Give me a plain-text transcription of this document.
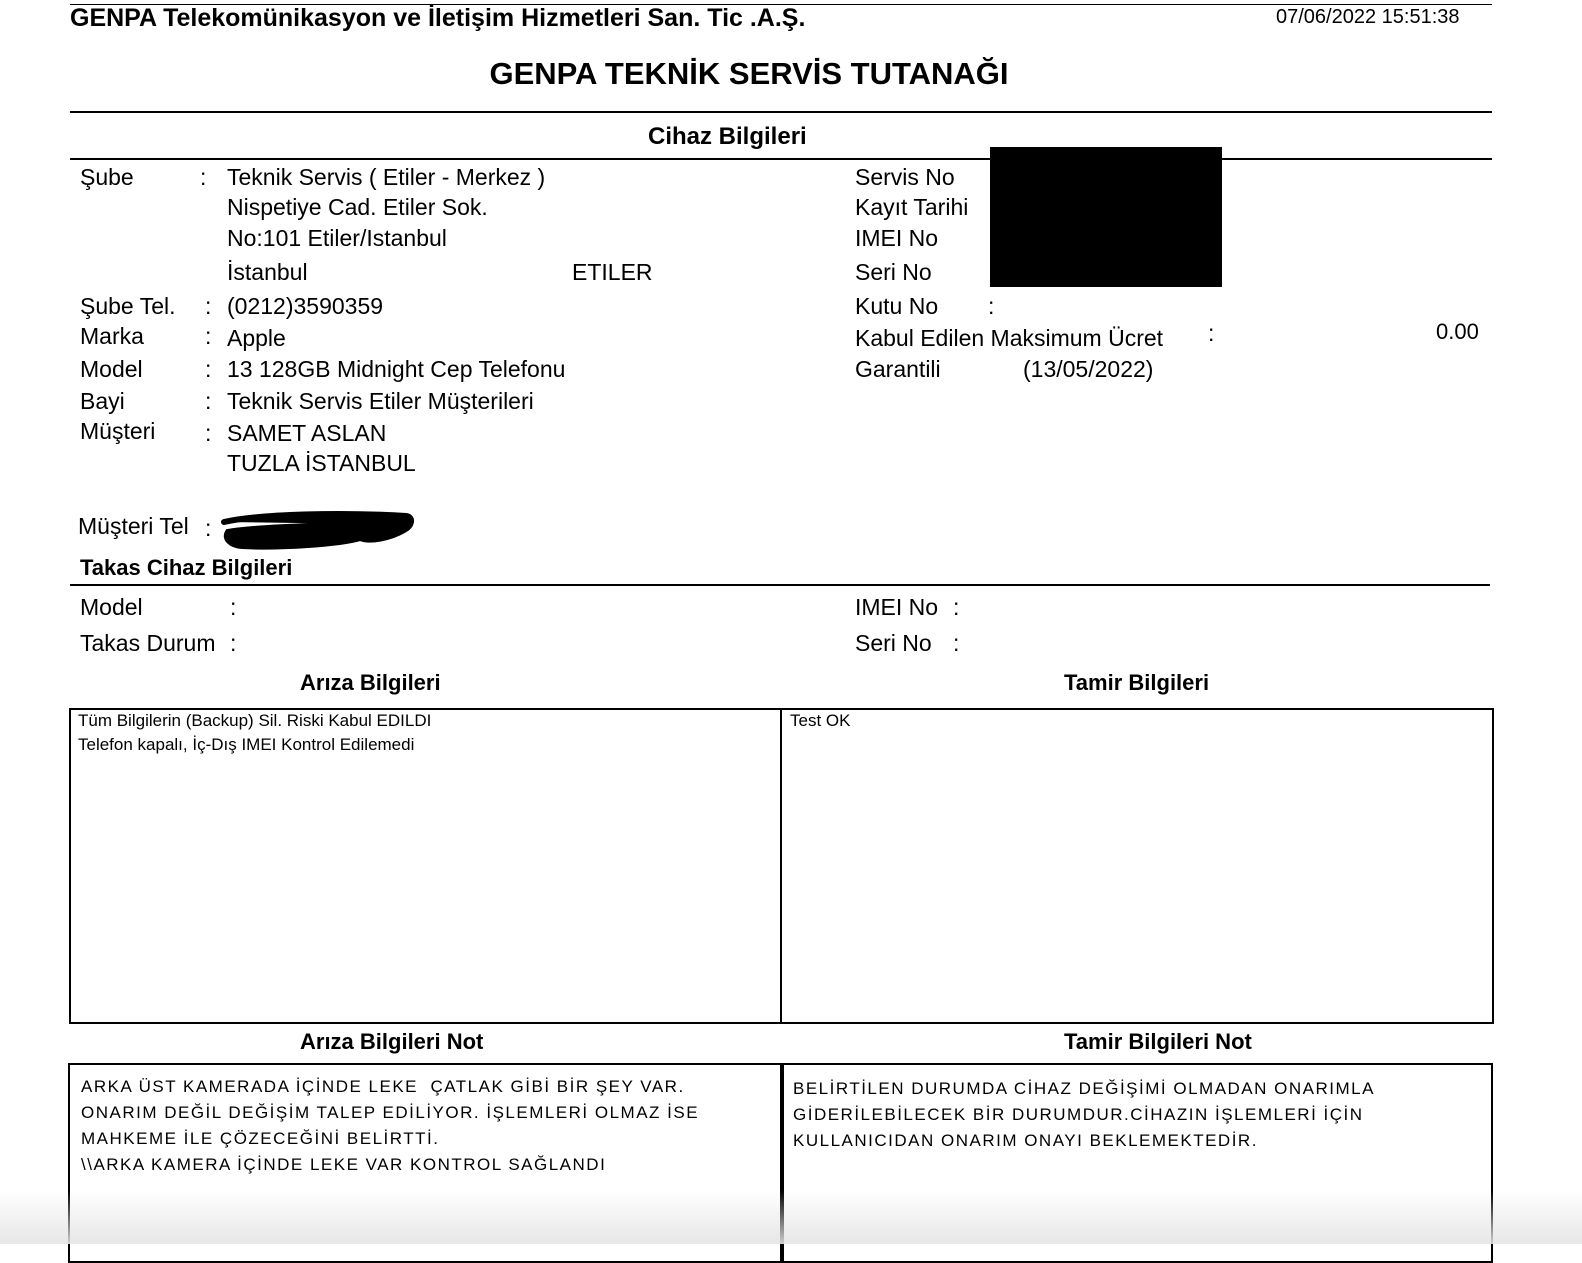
GENPA Telekomünikasyon ve İletişim Hizmetleri San. Tic .A.Ş.	07/06/2022 15:51:38
GENPA TEKNİK SERVİS TUTANAĞI
Cihaz Bilgileri
Şube	: Teknik Servis ( Etiler - Merkez )
Nispetiye Cad. Etiler Sok.
No:101 Etiler/Istanbul
İstanbul	ETILER
Şube Tel. : (0212)3590359
Marka	: Apple
Model	: 13 128GB Midnight Cep Telefonu
Bayi	: Teknik Servis Etiler Müşterileri
Müşteri : SAMET ASLAN
TUZLA İSTANBUL
Müşteri Tel :
Servis No
Kayıt Tarihi
IMEI No
Seri No
Kutu No :
Kabul Edilen Maksimum Ücret :	0.00
Garantili	(13/05/2022)
Takas Cihaz Bilgileri
Model	:
Takas Durum :
IMEI No :
Seri No :
Arıza Bilgileri	Tamir Bilgileri
Tüm Bilgilerin (Backup) Sil. Riski Kabul EDILDI
Telefon kapalı, İç-Dış IMEI Kontrol Edilemedi
Test OK
Arıza Bilgileri Not	Tamir Bilgileri Not
ARKA ÜST KAMERADA İÇİNDE LEKE  ÇATLAK GİBİ BİR ŞEY VAR.
ONARIM DEĞİL DEĞİŞİM TALEP EDİLİYOR. İŞLEMLERİ OLMAZ İSE
MAHKEME İLE ÇÖZECEĞİNİ BELİRTTİ.
\\ARKA KAMERA İÇİNDE LEKE VAR KONTROL SAĞLANDI
BELİRTİLEN DURUMDA CİHAZ DEĞİŞİMİ OLMADAN ONARIMLA
GİDERİLEBİLECEK BİR DURUMDUR.CİHAZIN İŞLEMLERİ İÇİN
KULLANICIDAN ONARIM ONAYI BEKLEMEKTEDİR.
